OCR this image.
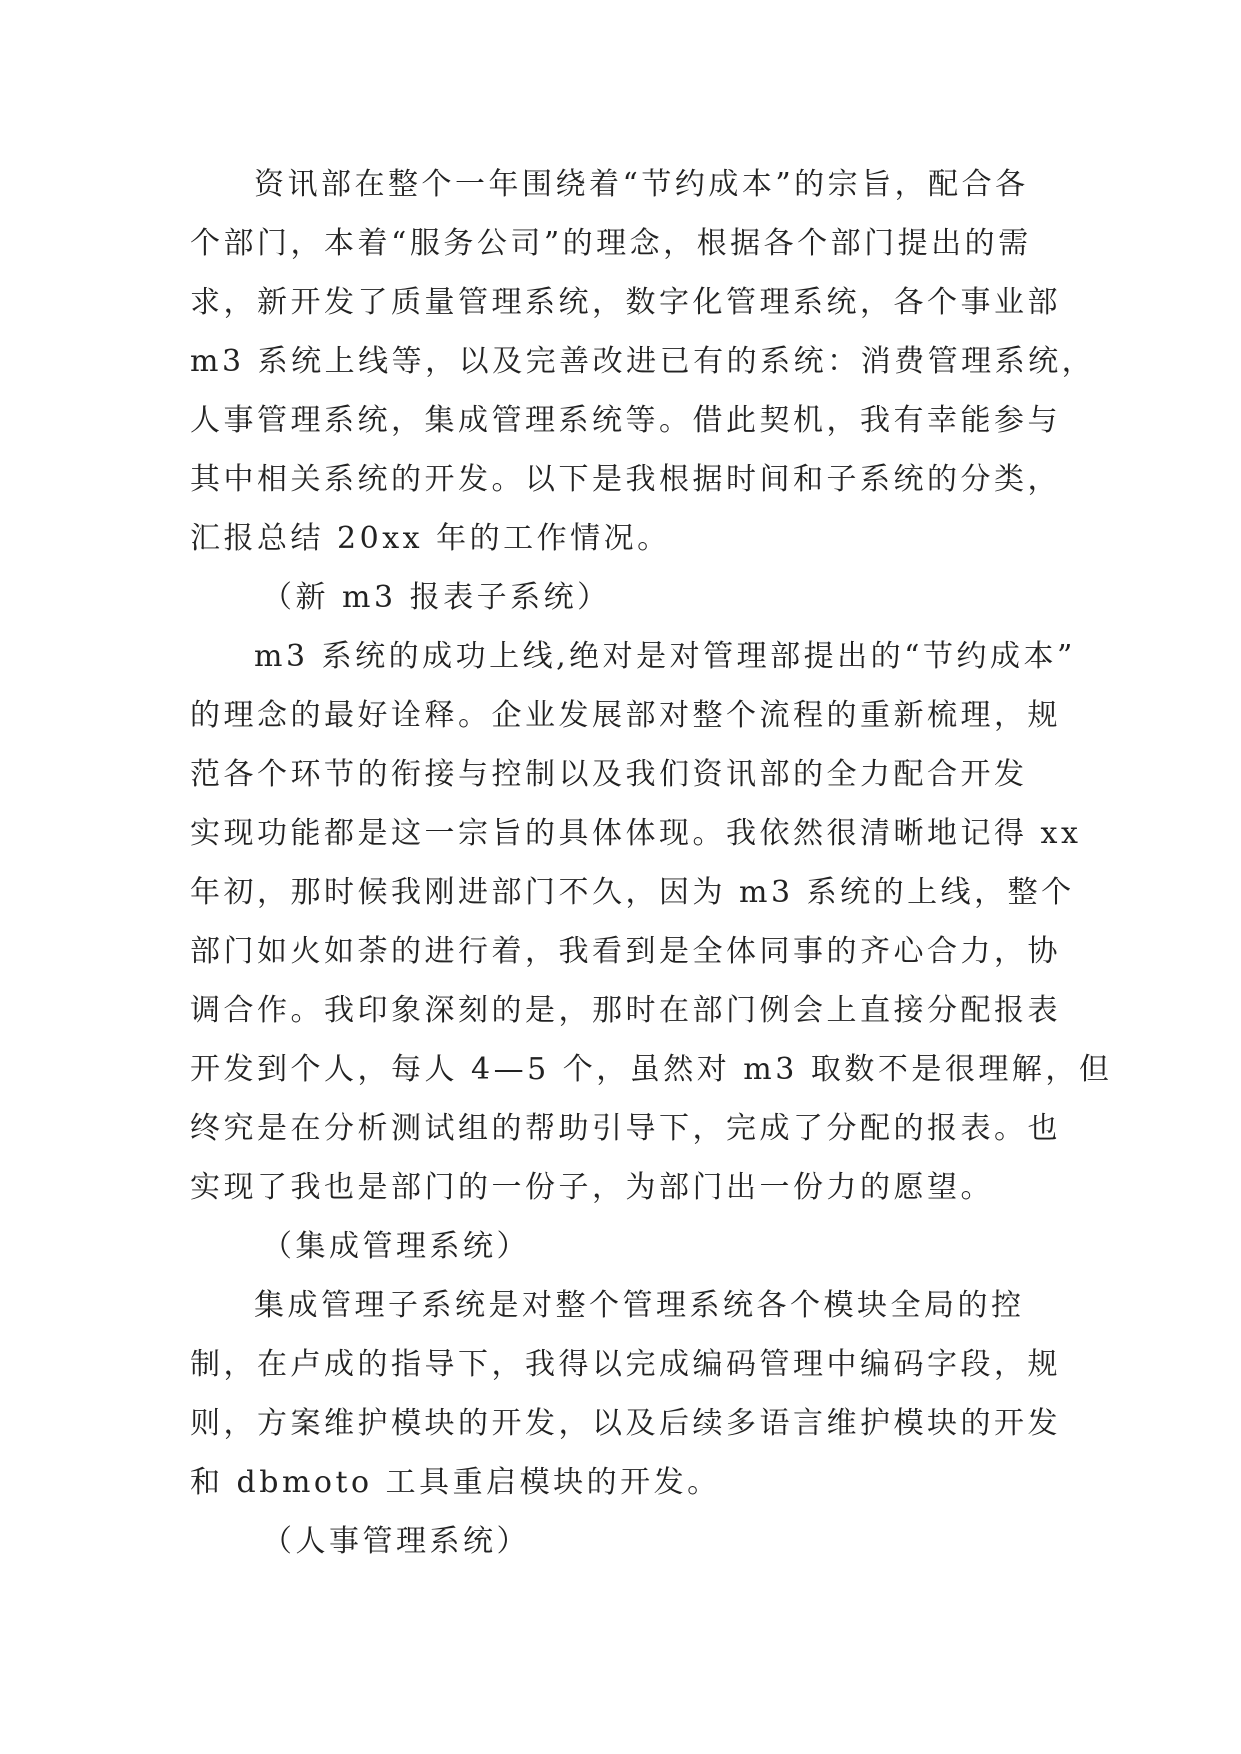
资讯部在整个一年围绕着“节约成本”的宗旨，配合各
个部门，本着“服务公司”的理念，根据各个部门提出的需
求，新开发了质量管理系统，数字化管理系统，各个事业部
m3 系统上线等，以及完善改进已有的系统：消费管理系统，
人事管理系统，集成管理系统等。借此契机，我有幸能参与
其中相关系统的开发。以下是我根据时间和子系统的分类，
汇报总结 20xx 年的工作情况。
（新 m3 报表子系统）
m3 系统的成功上线,绝对是对管理部提出的“节约成本”
的理念的最好诠释。企业发展部对整个流程的重新梳理，规
范各个环节的衔接与控制以及我们资讯部的全力配合开发
实现功能都是这一宗旨的具体体现。我依然很清晰地记得 xx
年初，那时候我刚进部门不久，因为 m3 系统的上线，整个
部门如火如荼的进行着，我看到是全体同事的齐心合力，协
调合作。我印象深刻的是，那时在部门例会上直接分配报表
开发到个人，每人 4—5 个，虽然对 m3 取数不是很理解，但
终究是在分析测试组的帮助引导下，完成了分配的报表。也
实现了我也是部门的一份子，为部门出一份力的愿望。
（集成管理系统）
集成管理子系统是对整个管理系统各个模块全局的控
制，在卢成的指导下，我得以完成编码管理中编码字段，规
则，方案维护模块的开发，以及后续多语言维护模块的开发
和 dbmoto 工具重启模块的开发。
（人事管理系统）
